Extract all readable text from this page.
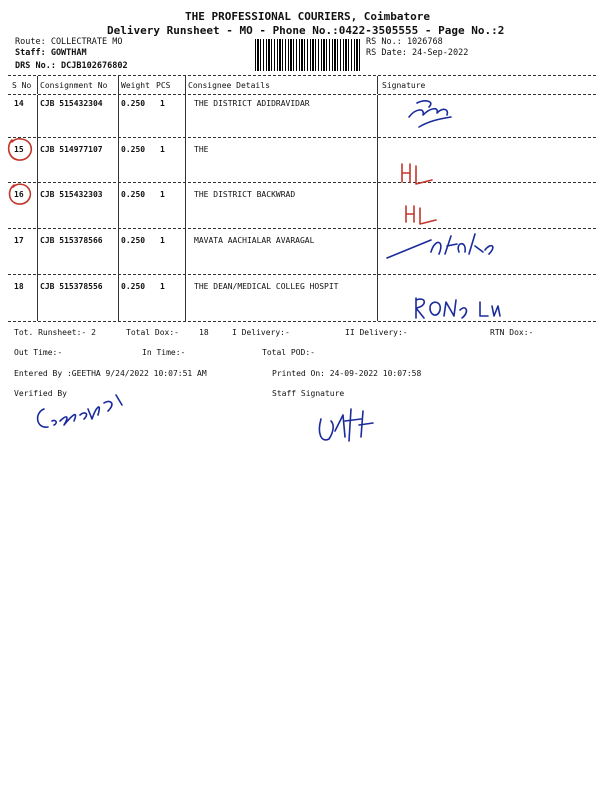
THE PROFESSIONAL COURIERS, Coimbatore
Delivery Runsheet - MO - Phone No.:0422-3505555 - Page No.:2
Route: COLLECTRATE MO
Staff: GOWTHAM
DRS No.: DCJB102676802
RS No.: 1026768
RS Date: 24-Sep-2022
S No Consignment No Weight PCS Consignee Details	Signature
14 CJB 515432304 0.250 1	THE DISTRICT ADIDRAVIDAR
15 CJB 514977107 0.250 1	THE
16 CJB 515432303 0.250 1	THE DISTRICT BACKWRAD
17 CJB 515378566 0.250 1	MAVATA AACHIALAR AVARAGAL
18 CJB 515378556 0.250 1	THE DEAN/MEDICAL COLLEG HOSPIT
Tot. Runsheet:- 2	Total Dox:-	18	I Delivery:-	II Delivery:-	RTN Dox:-
Out Time:-	In Time:-	Total POD:-
Entered By :GEETHA 9/24/2022 10:07:51 AM	Printed On: 24-09-2022 10:07:58
Verified By	Staff Signature
